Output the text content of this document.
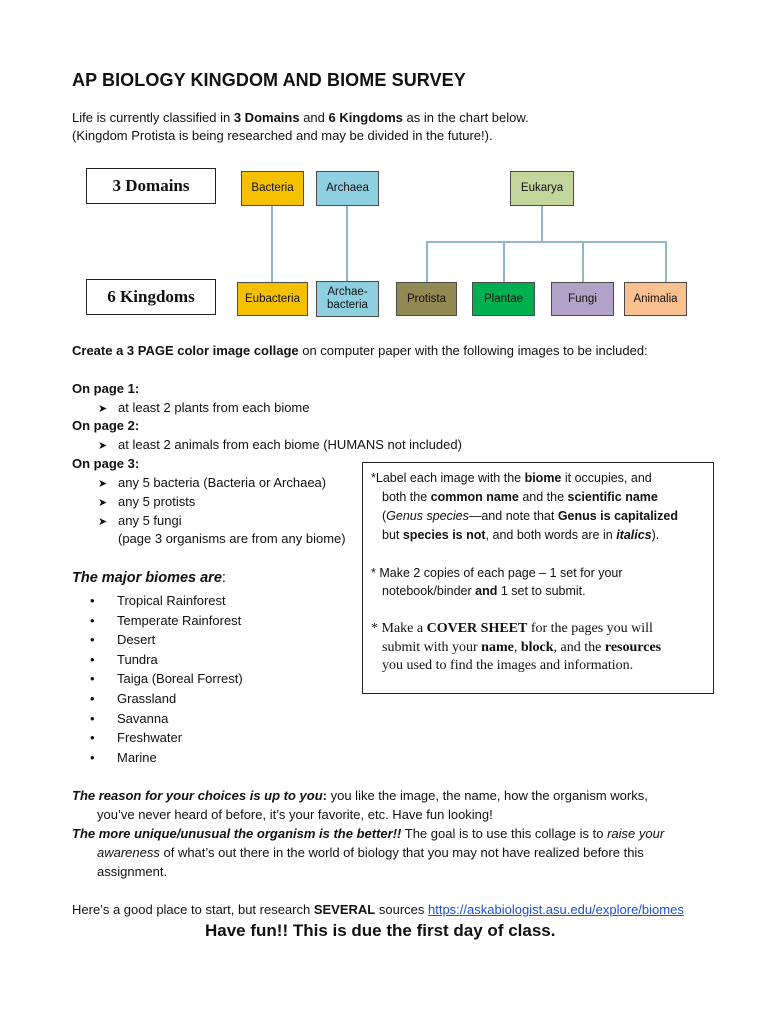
AP BIOLOGY KINGDOM AND BIOME SURVEY
Life is currently classified in 3 Domains and 6 Kingdoms as in the chart below.
(Kingdom Protista is being researched and may be divided in the future!).
3 Domains
6 Kingdoms
Bacteria	Archaea	Eukarya
Eubacteria
Archae-
bacteria
Protista	Plantae	Fungi	Animalia
Create a 3 PAGE color image collage on computer paper with the following images to be included:
On page 1:
➤ at least 2 plants from each biome
On page 2:
➤ at least 2 animals from each biome (HUMANS not included)
On page 3:
➤ any 5 bacteria (Bacteria or Archaea)
➤ any 5 protists
➤ any 5 fungi
(page 3 organisms are from any biome)
The major biomes are:
• Tropical Rainforest
• Temperate Rainforest
• Desert
• Tundra
• Taiga (Boreal Forrest)
• Grassland
• Savanna
• Freshwater
• Marine
*Label each image with the biome it occupies, and
both the common name and the scientific name
(Genus species—and note that Genus is capitalized
but species is not, and both words are in italics).
* Make 2 copies of each page – 1 set for your
notebook/binder and 1 set to submit.
* Make a COVER SHEET for the pages you will
submit with your name, block, and the resources
you used to find the images and information.
The reason for your choices is up to you: you like the image, the name, how the organism works,
you’ve never heard of before, it’s your favorite, etc. Have fun looking!
The more unique/unusual the organism is the better!! The goal is to use this collage is to raise your
awareness of what’s out there in the world of biology that you may not have realized before this
assignment.
Here’s a good place to start, but research SEVERAL sources https://askabiologist.asu.edu/explore/biomes
Have fun!! This is due the first day of class.
